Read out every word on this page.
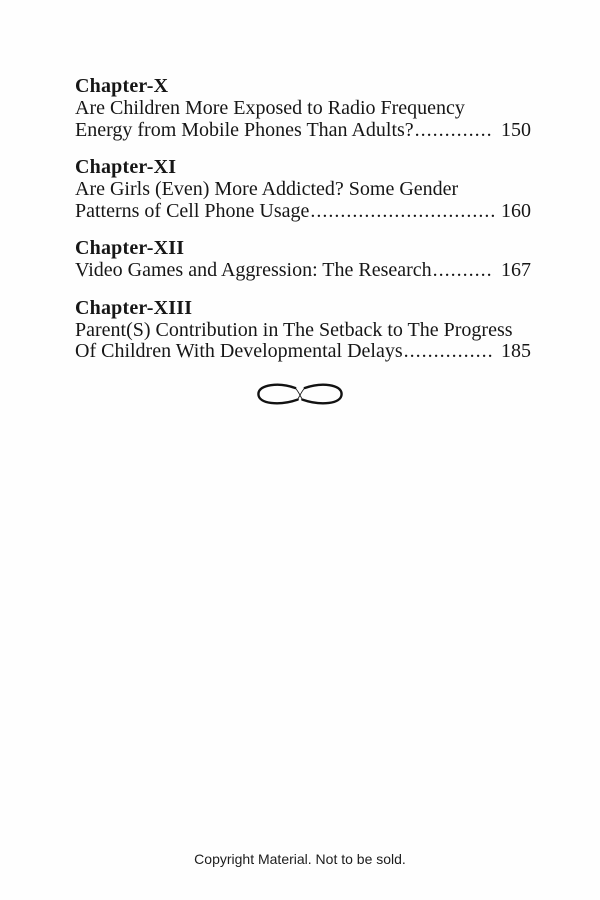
Chapter-X
Are Children More Exposed to Radio Frequency
Energy from Mobile Phones Than Adults? .....	150
Chapter-XI
Are Girls (Even) More Addicted? Some Gender
Patterns of Cell Phone Usage .....	160
Chapter-XII
Video Games and Aggression: The Research .....	167
Chapter-XIII
Parent(S) Contribution in The Setback to The Progress
Of Children With Developmental Delays .....	185
Copyright Material. Not to be sold.
